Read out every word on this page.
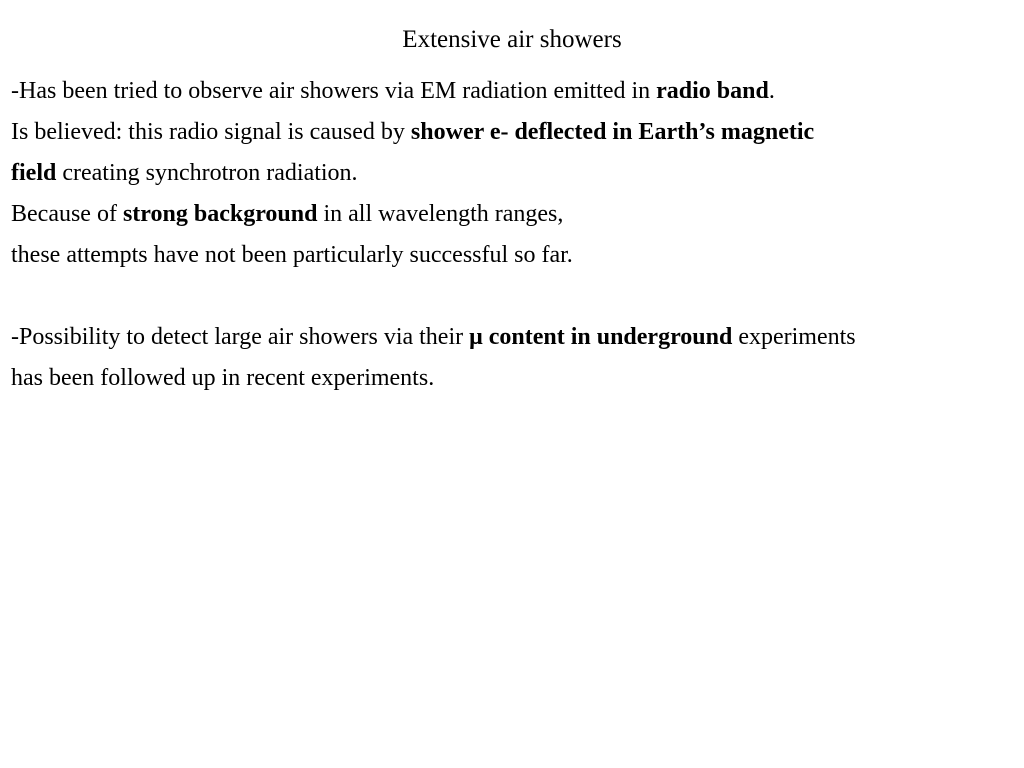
Extensive air showers
-Has been tried to observe air showers via EM radiation emitted in radio band.
Is believed: this radio signal is caused by shower e- deflected in Earth’s magnetic
field creating synchrotron radiation.
Because of strong background in all wavelength ranges,
these attempts have not been particularly successful so far.
-Possibility to detect large air showers via their μ content in underground experiments
has been followed up in recent experiments.
